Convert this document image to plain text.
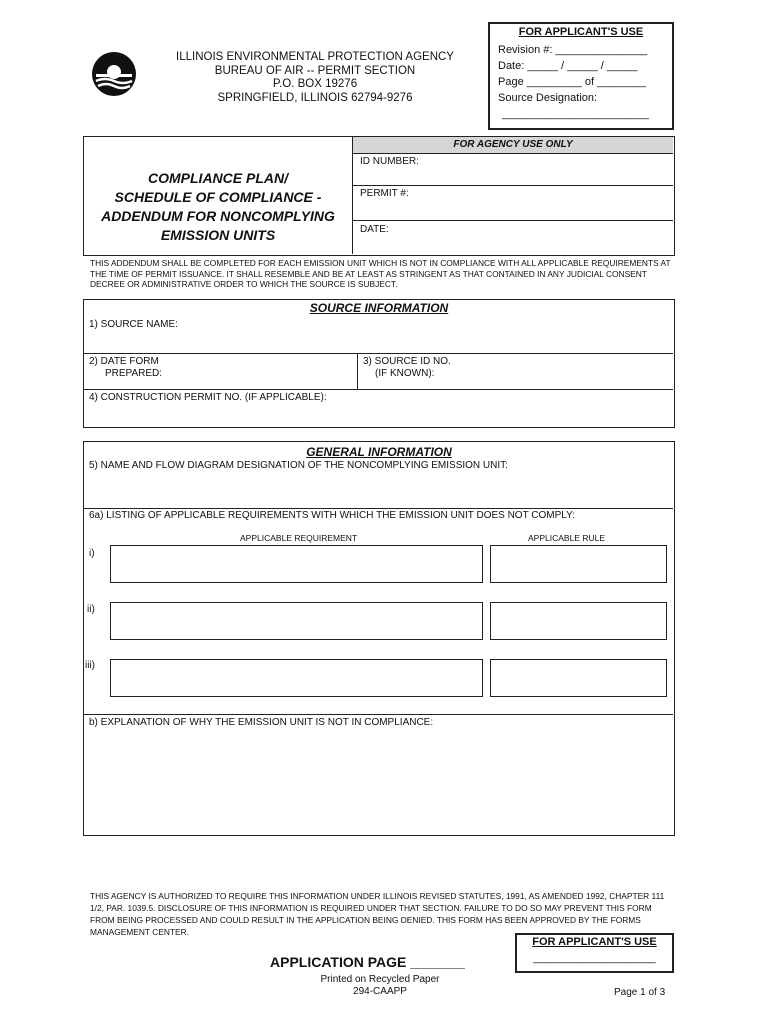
ILLINOIS ENVIRONMENTAL PROTECTION AGENCY
BUREAU OF AIR -- PERMIT SECTION
P.O. BOX 19276
SPRINGFIELD, ILLINOIS 62794-9276
FOR APPLICANT'S USE
Revision #: _______________
Date: _____ / _____ / _____
Page _________ of ________
Source Designation:
________________________
COMPLIANCE PLAN/
SCHEDULE OF COMPLIANCE -
ADDENDUM FOR NONCOMPLYING
EMISSION UNITS
FOR AGENCY USE ONLY
ID NUMBER:
PERMIT #:
DATE:
THIS ADDENDUM SHALL BE COMPLETED FOR EACH EMISSION UNIT WHICH IS NOT IN COMPLIANCE WITH ALL APPLICABLE REQUIREMENTS AT THE TIME OF PERMIT ISSUANCE. IT SHALL RESEMBLE AND BE AT LEAST AS STRINGENT AS THAT CONTAINED IN ANY JUDICIAL CONSENT DECREE OR ADMINISTRATIVE ORDER TO WHICH THE SOURCE IS SUBJECT.
SOURCE INFORMATION
1) SOURCE NAME:
2) DATE FORM
PREPARED:
3) SOURCE ID NO.
(IF KNOWN):
4) CONSTRUCTION PERMIT NO. (IF APPLICABLE):
GENERAL INFORMATION
5) NAME AND FLOW DIAGRAM DESIGNATION OF THE NONCOMPLYING EMISSION UNIT:
6a) LISTING OF APPLICABLE REQUIREMENTS WITH WHICH THE EMISSION UNIT DOES NOT COMPLY:
APPLICABLE REQUIREMENT	APPLICABLE RULE
i)
ii)
iii)
b) EXPLANATION OF WHY THE EMISSION UNIT IS NOT IN COMPLIANCE:
THIS AGENCY IS AUTHORIZED TO REQUIRE THIS INFORMATION UNDER ILLINOIS REVISED STATUTES, 1991, AS AMENDED 1992, CHAPTER 111 1/2, PAR. 1039.5. DISCLOSURE OF THIS INFORMATION IS REQUIRED UNDER THAT SECTION. FAILURE TO DO SO MAY PREVENT THIS FORM FROM BEING PROCESSED AND COULD RESULT IN THE APPLICATION BEING DENIED. THIS FORM HAS BEEN APPROVED BY THE FORMS MANAGEMENT CENTER.
APPLICATION PAGE _______
FOR APPLICANT'S USE
____________________
Printed on Recycled Paper
294-CAAPP	Page 1 of 3
